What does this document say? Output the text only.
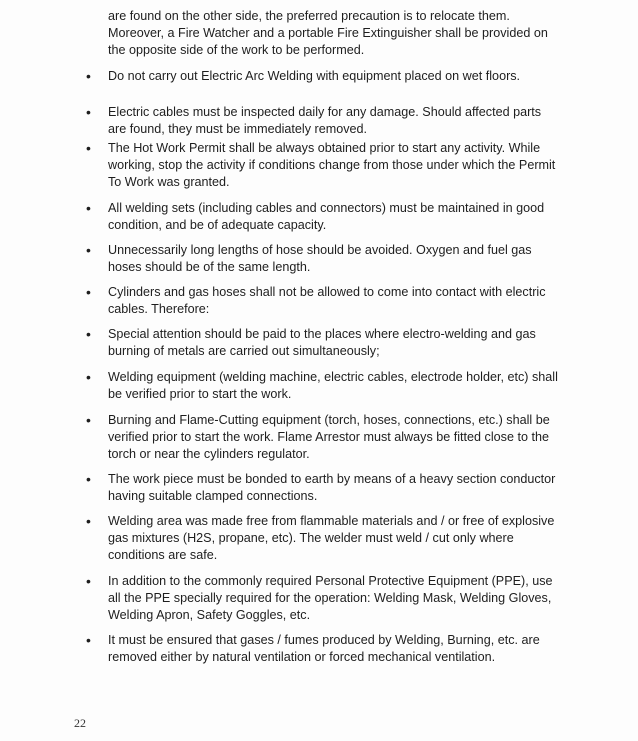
are found on the other side, the preferred precaution is to relocate them. Moreover, a Fire Watcher and a portable Fire Extinguisher shall be provided on the opposite side of the work to be performed.

•	Do not carry out Electric Arc Welding with equipment placed on wet floors.
•	Electric cables must be inspected daily for any damage. Should affected parts are found, they must be immediately removed.
•	The Hot Work Permit shall be always obtained prior to start any activity. While working, stop the activity if conditions change from those under which the Permit To Work was granted.
•	All welding sets (including cables and connectors) must be maintained in good condition, and be of adequate capacity.
•	Unnecessarily long lengths of hose should be avoided. Oxygen and fuel gas hoses should be of the same length.
•	Cylinders and gas hoses shall not be allowed to come into contact with electric cables. Therefore:
•	Special attention should be paid to the places where electro-welding and gas burning of metals are carried out simultaneously;
•	Welding equipment (welding machine, electric cables, electrode holder, etc) shall be verified prior to start the work.
•	Burning and Flame-Cutting equipment (torch, hoses, connections, etc.) shall be verified prior to start the work. Flame Arrestor must always be fitted close to the torch or near the cylinders regulator.
•	The work piece must be bonded to earth by means of a heavy section conductor having suitable clamped connections.
•	Welding area was made free from flammable materials and / or free of explosive gas mixtures (H2S, propane, etc). The welder must weld / cut only where conditions are safe.
•	In addition to the commonly required Personal Protective Equipment (PPE), use all the PPE specially required for the operation: Welding Mask, Welding Gloves, Welding Apron, Safety Goggles, etc.
•	It must be ensured that gases / fumes produced by Welding, Burning, etc. are removed either by natural ventilation or forced mechanical ventilation.
22
